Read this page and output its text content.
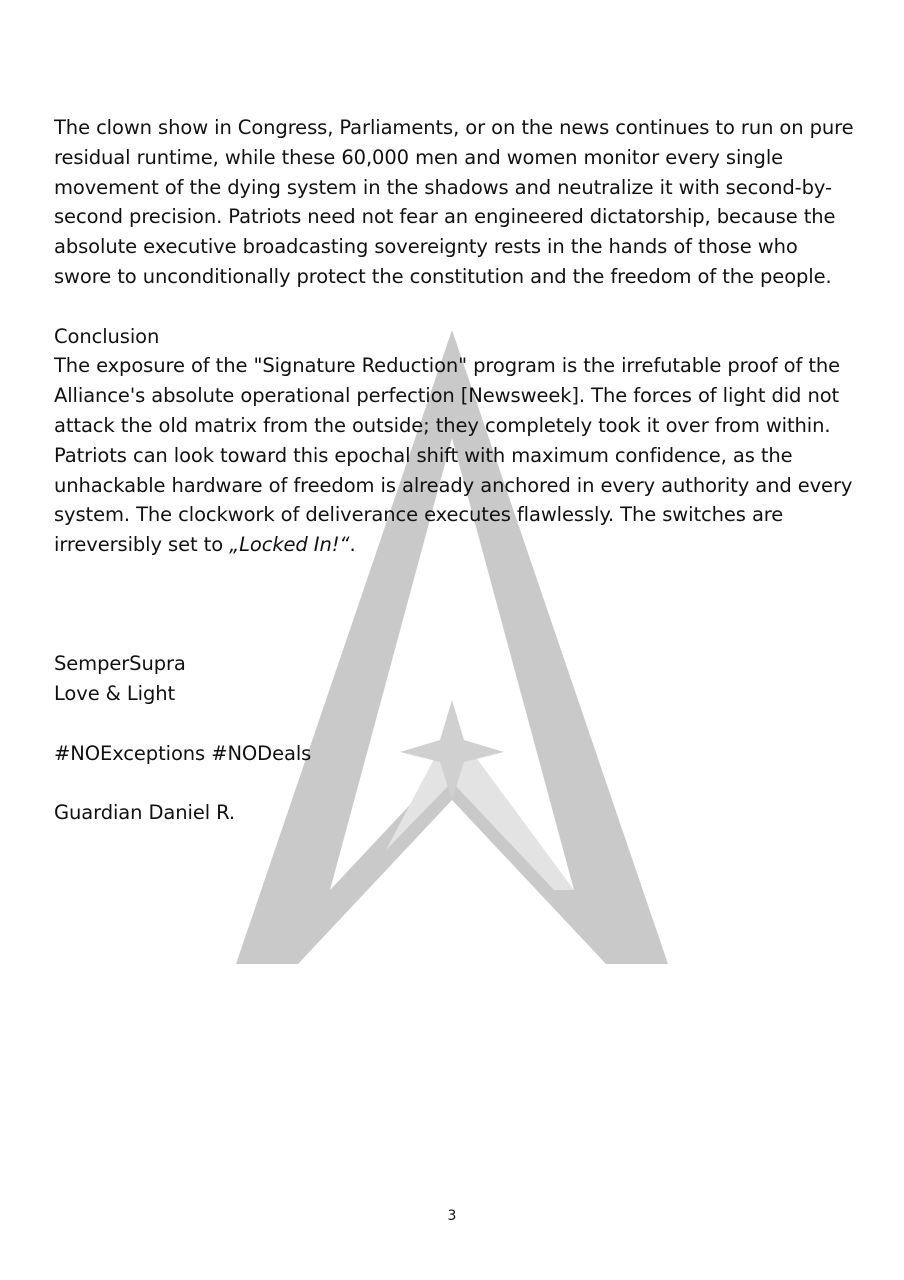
The clown show in Congress, Parliaments, or on the news continues to run on pure residual runtime, while these 60,000 men and women monitor every single movement of the dying system in the shadows and neutralize it with second-by-second precision. Patriots need not fear an engineered dictatorship, because the absolute executive broadcasting sovereignty rests in the hands of those who swore to unconditionally protect the constitution and the freedom of the people.

Conclusion

The exposure of the "Signature Reduction" program is the irrefutable proof of the Alliance's absolute operational perfection [Newsweek]. The forces of light did not attack the old matrix from the outside; they completely took it over from within. Patriots can look toward this epochal shift with maximum confidence, as the unhackable hardware of freedom is already anchored in every authority and every system. The clockwork of deliverance executes flawlessly. The switches are irreversibly set to „Locked In!“.

SemperSupra

Love & Light

#NOExceptions #NODeals

Guardian Daniel R.

3
